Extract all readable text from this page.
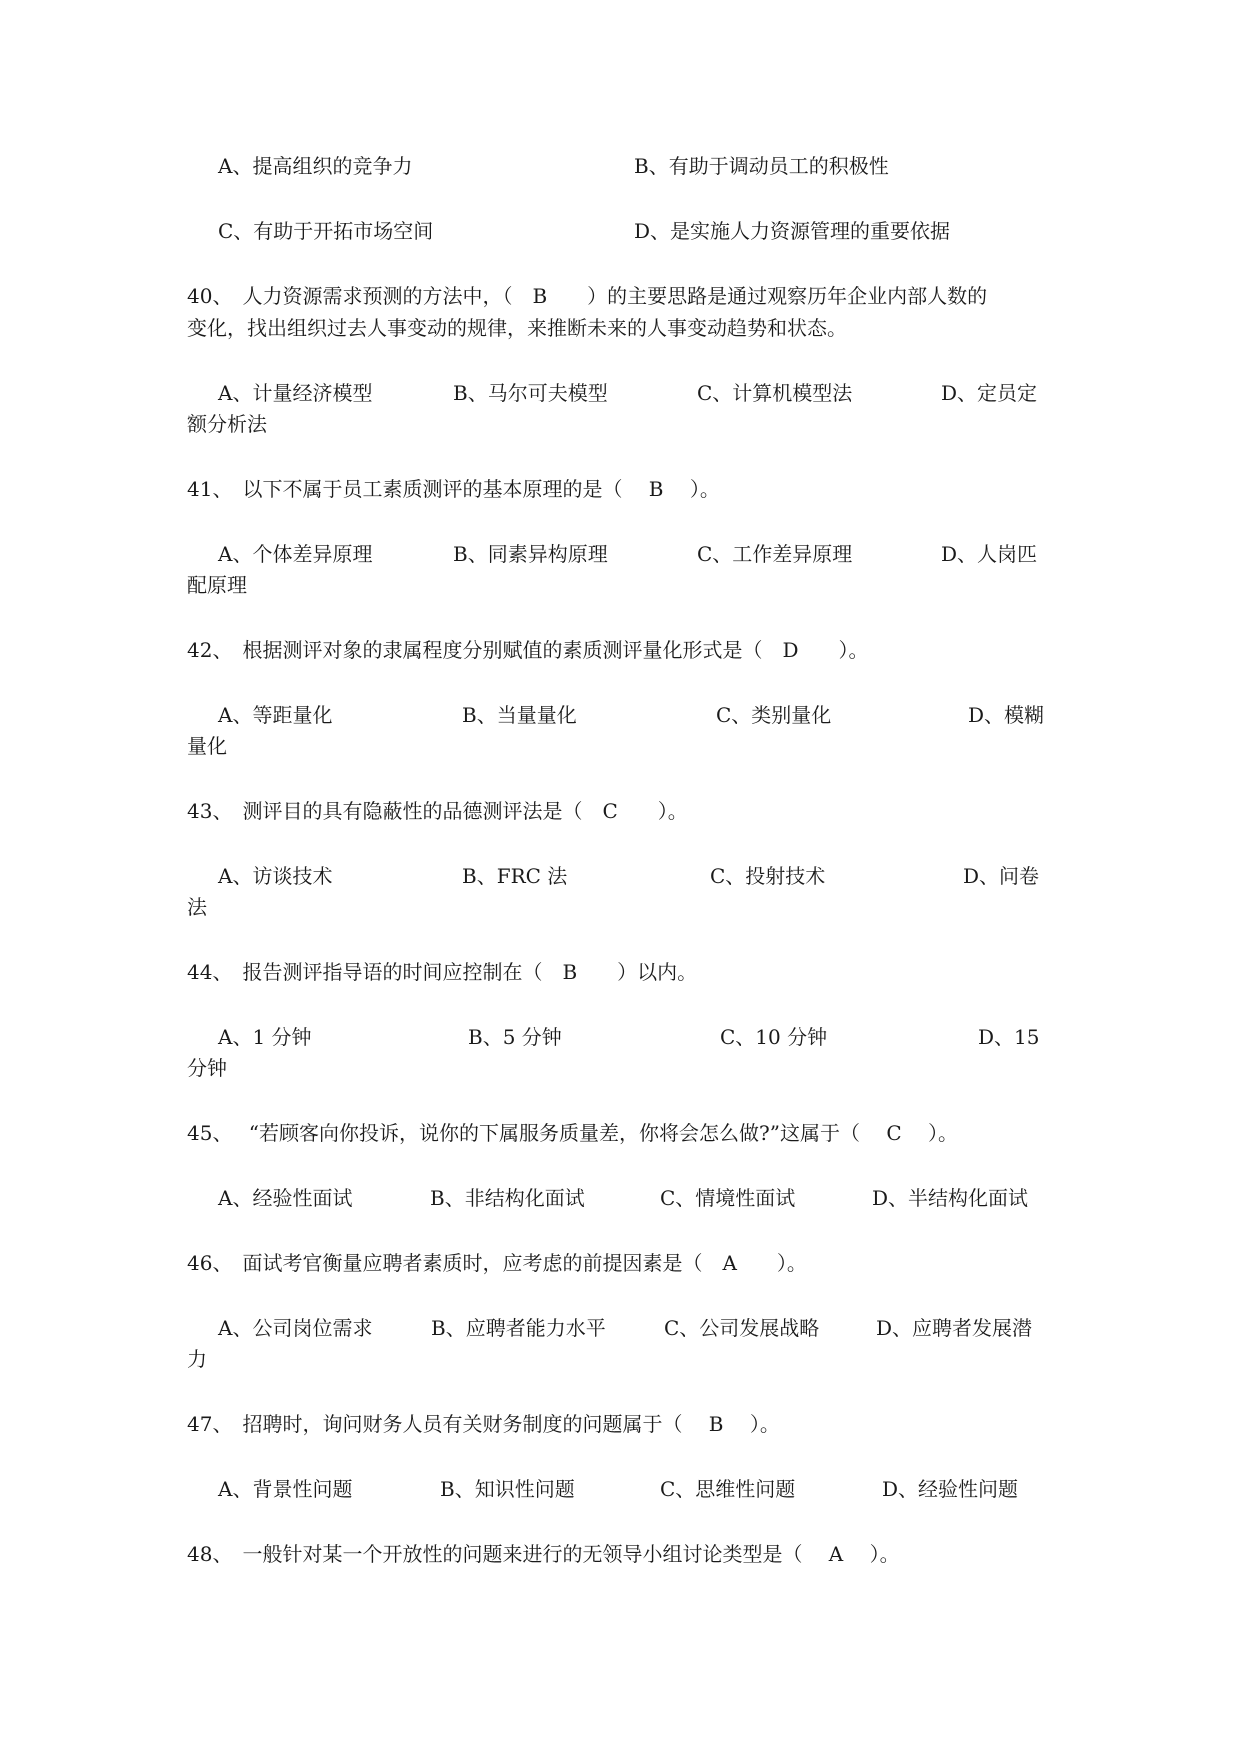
A、提高组织的竞争力	B、有助于调动员工的积极性
C、有助于开拓市场空间	D、是实施人力资源管理的重要依据
40、　人力资源需求预测的方法中，（　B　　）的主要思路是通过观察历年企业内部人数的
变化，找出组织过去人事变动的规律，来推断未来的人事变动趋势和状态。
A、计量经济模型	B、马尔可夫模型	C、计算机模型法	D、定员定
额分析法
41、　以下不属于员工素质测评的基本原理的是（　 B 　）。
A、个体差异原理	B、同素异构原理	C、工作差异原理	D、人岗匹
配原理
42、　根据测评对象的隶属程度分别赋值的素质测评量化形式是（　D　　）。
A、等距量化	B、当量量化	C、类别量化	D、模糊
量化
43、　测评目的具有隐蔽性的品德测评法是（　C　　）。
A、访谈技术	B、FRC 法	C、投射技术	D、问卷
法
44、　报告测评指导语的时间应控制在（　B　　）以内。
A、1 分钟	B、5 分钟	C、10 分钟	D、15
分钟
45、　 “若顾客向你投诉，说你的下属服务质量差，你将会怎么做?”这属于（　 C 　）。
A、经验性面试	B、非结构化面试	C、情境性面试	D、半结构化面试
46、　面试考官衡量应聘者素质时，应考虑的前提因素是（　A　　）。
A、公司岗位需求	B、应聘者能力水平	C、公司发展战略	D、应聘者发展潜
力
47、　招聘时，询问财务人员有关财务制度的问题属于（　 B 　）。
A、背景性问题	B、知识性问题	C、思维性问题	D、经验性问题
48、　一般针对某一个开放性的问题来进行的无领导小组讨论类型是（　 A 　）。
